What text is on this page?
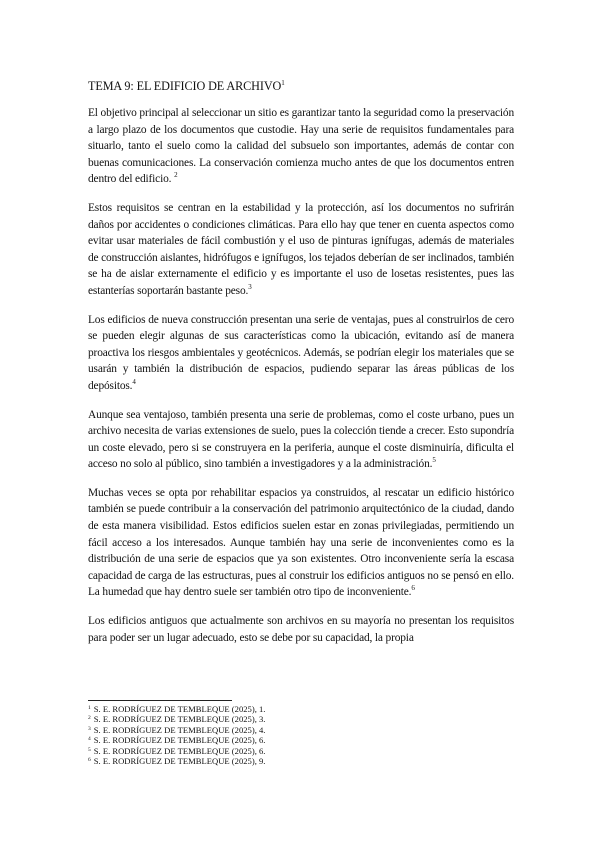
TEMA 9: EL EDIFICIO DE ARCHIVO$^1$

El objetivo principal al seleccionar un sitio es garantizar tanto la seguridad como la preservación a largo plazo de los documentos que custodie. Hay una serie de requisitos fundamentales para situarlo, tanto el suelo como la calidad del subsuelo son importantes, además de contar con buenas comunicaciones. La conservación comienza mucho antes de que los documentos entren dentro del edificio. $^2$

Estos requisitos se centran en la estabilidad y la protección, así los documentos no sufrirán daños por accidentes o condiciones climáticas. Para ello hay que tener en cuenta aspectos como evitar usar materiales de fácil combustión y el uso de pinturas ignífugas, además de materiales de construcción aislantes, hidrófugos e ignífugos, los tejados deberían de ser inclinados, también se ha de aislar externamente el edificio y es importante el uso de losetas resistentes, pues las estanterías soportarán bastante peso.$^3$

Los edificios de nueva construcción presentan una serie de ventajas, pues al construirlos de cero se pueden elegir algunas de sus características como la ubicación, evitando así de manera proactiva los riesgos ambientales y geotécnicos. Además, se podrían elegir los materiales que se usarán y también la distribución de espacios, pudiendo separar las áreas públicas de los depósitos.$^4$

Aunque sea ventajoso, también presenta una serie de problemas, como el coste urbano, pues un archivo necesita de varias extensiones de suelo, pues la colección tiende a crecer. Esto supondría un coste elevado, pero si se construyera en la periferia, aunque el coste disminuiría, dificulta el acceso no solo al público, sino también a investigadores y a la administración.$^5$

Muchas veces se opta por rehabilitar espacios ya construidos, al rescatar un edificio histórico también se puede contribuir a la conservación del patrimonio arquitectónico de la ciudad, dando de esta manera visibilidad. Estos edificios suelen estar en zonas privilegiadas, permitiendo un fácil acceso a los interesados. Aunque también hay una serie de inconvenientes como es la distribución de una serie de espacios que ya son existentes. Otro inconveniente sería la escasa capacidad de carga de las estructuras, pues al construir los edificios antiguos no se pensó en ello. La humedad que hay dentro suele ser también otro tipo de inconveniente.$^6$

Los edificios antiguos que actualmente son archivos en su mayoría no presentan los requisitos para poder ser un lugar adecuado, esto se debe por su capacidad, la propia

$^1$ S. E. RODRÍGUEZ DE TEMBLEQUE (2025), 1.
$^2$ S. E. RODRÍGUEZ DE TEMBLEQUE (2025), 3.
$^3$ S. E. RODRÍGUEZ DE TEMBLEQUE (2025), 4.
$^4$ S. E. RODRÍGUEZ DE TEMBLEQUE (2025), 6.
$^5$ S. E. RODRÍGUEZ DE TEMBLEQUE (2025), 6.
$^6$ S. E. RODRÍGUEZ DE TEMBLEQUE (2025), 9.
